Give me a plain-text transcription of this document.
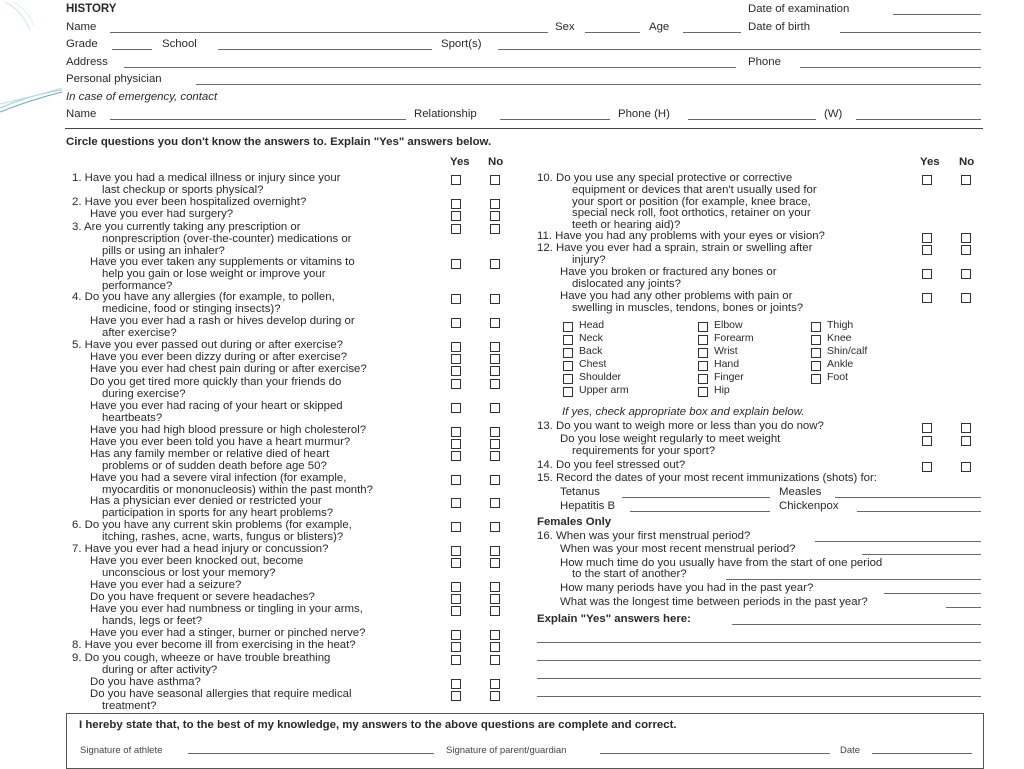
HISTORY	Date of examination
Name	Sex	Age	Date of birth
Grade	School	Sport(s)
Address	Phone
Personal physician
In case of emergency, contact
Name	Relationship	Phone (H)	(W)
Circle questions you don't know the answers to. Explain "Yes" answers below.
Yes No	Yes No
1. Have you had a medical illness or injury since your
last checkup or sports physical?
2. Have you ever been hospitalized overnight?
Have you ever had surgery?
3. Are you currently taking any prescription or
nonprescription (over-the-counter) medications or
pills or using an inhaler?
Have you ever taken any supplements or vitamins to
help you gain or lose weight or improve your
performance?
4. Do you have any allergies (for example, to pollen,
medicine, food or stinging insects)?
Have you ever had a rash or hives develop during or
after exercise?
5. Have you ever passed out during or after exercise?
Have you ever been dizzy during or after exercise?
Have you ever had chest pain during or after exercise?
Do you get tired more quickly than your friends do
during exercise?
Have you ever had racing of your heart or skipped
heartbeats?
Have you had high blood pressure or high cholesterol?
Have you ever been told you have a heart murmur?
Has any family member or relative died of heart
problems or of sudden death before age 50?
Have you had a severe viral infection (for example,
myocarditis or mononucleosis) within the past month?
Has a physician ever denied or restricted your
participation in sports for any heart problems?
6. Do you have any current skin problems (for example,
itching, rashes, acne, warts, fungus or blisters)?
7. Have you ever had a head injury or concussion?
Have you ever been knocked out, become
unconscious or lost your memory?
Have you ever had a seizure?
Do you have frequent or severe headaches?
Have you ever had numbness or tingling in your arms,
hands, legs or feet?
Have you ever had a stinger, burner or pinched nerve?
8. Have you ever become ill from exercising in the heat?
9. Do you cough, wheeze or have trouble breathing
during or after activity?
Do you have asthma?
Do you have seasonal allergies that require medical
treatment?
10. Do you use any special protective or corrective
equipment or devices that aren't usually used for
your sport or position (for example, knee brace,
special neck roll, foot orthotics, retainer on your
teeth or hearing aid)?
11. Have you had any problems with your eyes or vision?
12. Have you ever had a sprain, strain or swelling after
injury?
Have you broken or fractured any bones or
dislocated any joints?
Have you had any other problems with pain or
swelling in muscles, tendons, bones or joints?
Head	Elbow	Thigh
Neck	Forearm	Knee
Back	Wrist	Shin/calf
Chest	Hand	Ankle
Shoulder	Finger	Foot
Upper arm	Hip
If yes, check appropriate box and explain below.
13. Do you want to weigh more or less than you do now?
Do you lose weight regularly to meet weight
requirements for your sport?
14. Do you feel stressed out?
15. Record the dates of your most recent immunizations (shots) for:
Tetanus	Measles
Hepatitis B	Chickenpox
Females Only
16. When was your first menstrual period?
When was your most recent menstrual period?
How much time do you usually have from the start of one period
to the start of another?
How many periods have you had in the past year?
What was the longest time between periods in the past year?
Explain "Yes" answers here:
I hereby state that, to the best of my knowledge, my answers to the above questions are complete and correct.
Signature of athlete	Signature of parent/guardian	Date
